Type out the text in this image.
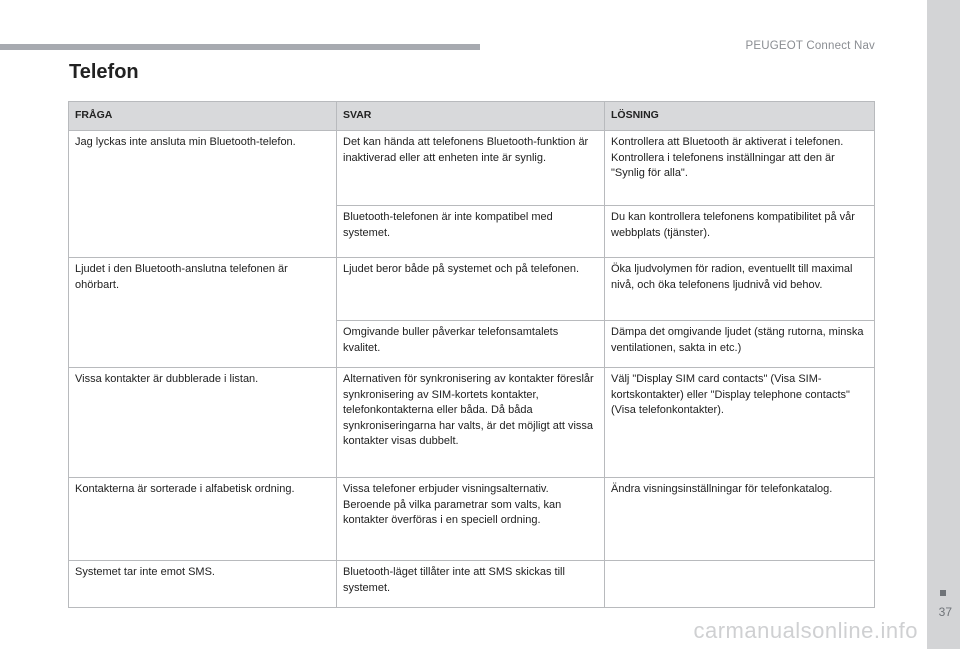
PEUGEOT Connect Nav
37
carmanualsonline.info
Telefon
FRÅGA	SVAR	LÖSNING
Jag lyckas inte ansluta min Bluetooth-telefon.	Det kan hända att telefonens Bluetooth-funktion är inaktiverad eller att enheten inte är synlig.	Kontrollera att Bluetooth är aktiverat i telefonen.
Kontrollera i telefonens inställningar att den är "Synlig för alla".
	Bluetooth-telefonen är inte kompatibel med systemet.	Du kan kontrollera telefonens kompatibilitet på vår webbplats (tjänster).
Ljudet i den Bluetooth-anslutna telefonen är ohörbart.	Ljudet beror både på systemet och på telefonen.	Öka ljudvolymen för radion, eventuellt till maximal nivå, och öka telefonens ljudnivå vid behov.
	Omgivande buller påverkar telefonsamtalets kvalitet.	Dämpa det omgivande ljudet (stäng rutorna, minska ventilationen, sakta in etc.)
Vissa kontakter är dubblerade i listan.	Alternativen för synkronisering av kontakter föreslår synkronisering av SIM-kortets kontakter, telefonkontakterna eller båda. Då båda synkroniseringarna har valts, är det möjligt att vissa kontakter visas dubbelt.	Välj "Display SIM card contacts" (Visa SIM-kortskontakter) eller "Display telephone contacts" (Visa telefonkontakter).
Kontakterna är sorterade i alfabetisk ordning.	Vissa telefoner erbjuder visningsalternativ. Beroende på vilka parametrar som valts, kan kontakter överföras i en speciell ordning.	Ändra visningsinställningar för telefonkatalog.
Systemet tar inte emot SMS.	Bluetooth-läget tillåter inte att SMS skickas till systemet.	
